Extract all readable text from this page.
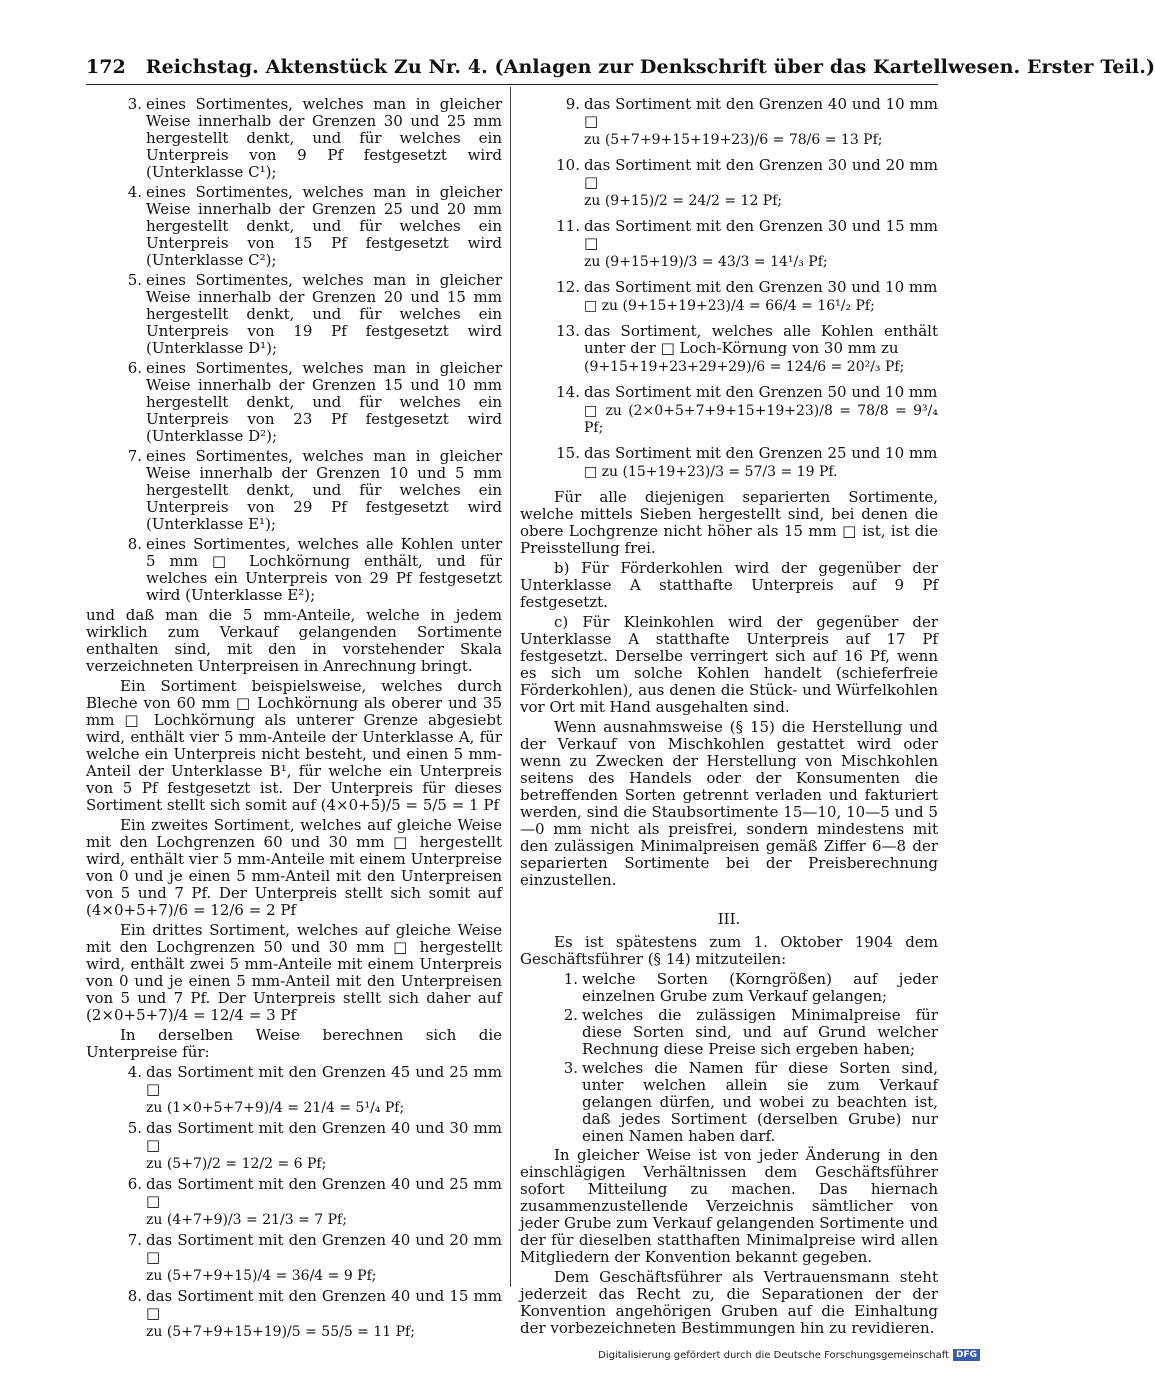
172 Reichstag. Aktenstück Zu Nr. 4. (Anlagen zur Denkschrift über das Kartellwesen. Erster Teil.)
3. eines Sortimentes, welches man in gleicher Weise innerhalb der Grenzen 30 und 25 mm hergestellt denkt, und für welches ein Unterpreis von 9 Pf festgesetzt wird (Unterklasse C¹);
4. eines Sortimentes, welches man in gleicher Weise innerhalb der Grenzen 25 und 20 mm hergestellt denkt, und für welches ein Unterpreis von 15 Pf festgesetzt wird (Unterklasse C²);
5. eines Sortimentes, welches man in gleicher Weise innerhalb der Grenzen 20 und 15 mm hergestellt denkt, und für welches ein Unterpreis von 19 Pf festgesetzt wird (Unterklasse D¹);
6. eines Sortimentes, welches man in gleicher Weise innerhalb der Grenzen 15 und 10 mm hergestellt denkt, und für welches ein Unterpreis von 23 Pf festgesetzt wird (Unterklasse D²);
7. eines Sortimentes, welches man in gleicher Weise innerhalb der Grenzen 10 und 5 mm hergestellt denkt, und für welches ein Unterpreis von 29 Pf festgesetzt wird (Unterklasse E¹);
8. eines Sortimentes, welches alle Kohlen unter 5 mm □ Lochkörnung enthält, und für welches ein Unterpreis von 29 Pf festgesetzt wird (Unterklasse E²);

und daß man die 5 mm-Anteile, welche in jedem wirklich zum Verkauf gelangenden Sortimente enthalten sind, mit den in vorstehender Skala verzeichneten Unterpreisen in Anrechnung bringt.

Ein Sortiment beispielsweise, welches durch Bleche von 60 mm □ Lochkörnung als oberer und 35 mm □ Lochkörnung als unterer Grenze abgesiebt wird, enthält vier 5 mm-Anteile der Unterklasse A, für welche ein Unterpreis nicht besteht, und einen 5 mm-Anteil der Unterklasse B¹, für welche ein Unterpreis von 5 Pf festgesetzt ist. Der Unterpreis für dieses Sortiment stellt sich somit auf (4×0+5)/5 = 5/5 = 1 Pf

Ein zweites Sortiment, welches auf gleiche Weise mit den Lochgrenzen 60 und 30 mm □ hergestellt wird, enthält vier 5 mm-Anteile mit einem Unterpreise von 0 und je einen 5 mm-Anteil mit den Unterpreisen von 5 und 7 Pf. Der Unterpreis stellt sich somit auf (4×0+5+7)/6 = 12/6 = 2 Pf

Ein drittes Sortiment, welches auf gleiche Weise mit den Lochgrenzen 50 und 30 mm □ hergestellt wird, enthält zwei 5 mm-Anteile mit einem Unterpreis von 0 und je einen 5 mm-Anteil mit den Unterpreisen von 5 und 7 Pf. Der Unterpreis stellt sich daher auf (2×0+5+7)/4 = 12/4 = 3 Pf

In derselben Weise berechnen sich die Unterpreise für:

4. das Sortiment mit den Grenzen 45 und 25 mm □
zu (1×0+5+7+9)/4 = 21/4 = 5¹/₄ Pf;
5. das Sortiment mit den Grenzen 40 und 30 mm □
zu (5+7)/2 = 12/2 = 6 Pf;
6. das Sortiment mit den Grenzen 40 und 25 mm □
zu (4+7+9)/3 = 21/3 = 7 Pf;
7. das Sortiment mit den Grenzen 40 und 20 mm □
zu (5+7+9+15)/4 = 36/4 = 9 Pf;
8. das Sortiment mit den Grenzen 40 und 15 mm □
zu (5+7+9+15+19)/5 = 55/5 = 11 Pf;
9. das Sortiment mit den Grenzen 40 und 10 mm □
zu (5+7+9+15+19+23)/6 = 78/6 = 13 Pf;
10. das Sortiment mit den Grenzen 30 und 20 mm □
zu (9+15)/2 = 24/2 = 12 Pf;
11. das Sortiment mit den Grenzen 30 und 15 mm □
zu (9+15+19)/3 = 43/3 = 14¹/₃ Pf;
12. das Sortiment mit den Grenzen 30 und 10 mm
□ zu (9+15+19+23)/4 = 66/4 = 16¹/₂ Pf;
13. das Sortiment, welches alle Kohlen enthält unter der □ Loch-Körnung von 30 mm zu
(9+15+19+23+29+29)/6 = 124/6 = 20²/₃ Pf;
14. das Sortiment mit den Grenzen 50 und 10 mm
□ zu (2×0+5+7+9+15+19+23)/8 = 78/8 = 9³/₄ Pf;
15. das Sortiment mit den Grenzen 25 und 10 mm
□ zu (15+19+23)/3 = 57/3 = 19 Pf.

Für alle diejenigen separierten Sortimente, welche mittels Sieben hergestellt sind, bei denen die obere Lochgrenze nicht höher als 15 mm □ ist, ist die Preisstellung frei.

b) Für Förderkohlen wird der gegenüber der Unterklasse A statthafte Unterpreis auf 9 Pf festgesetzt.

c) Für Kleinkohlen wird der gegenüber der Unterklasse A statthafte Unterpreis auf 17 Pf festgesetzt. Derselbe verringert sich auf 16 Pf, wenn es sich um solche Kohlen handelt (schieferfreie Förderkohlen), aus denen die Stück- und Würfelkohlen vor Ort mit Hand ausgehalten sind.

Wenn ausnahmsweise (§ 15) die Herstellung und der Verkauf von Mischkohlen gestattet wird oder wenn zu Zwecken der Herstellung von Mischkohlen seitens des Handels oder der Konsumenten die betreffenden Sorten getrennt verladen und fakturiert werden, sind die Staubsortimente 15—10, 10—5 und 5—0 mm nicht als preisfrei, sondern mindestens mit den zulässigen Minimalpreisen gemäß Ziffer 6—8 der separierten Sortimente bei der Preisberechnung einzustellen.

III.

Es ist spätestens zum 1. Oktober 1904 dem Geschäftsführer (§ 14) mitzuteilen:

1. welche Sorten (Korngrößen) auf jeder einzelnen Grube zum Verkauf gelangen;
2. welches die zulässigen Minimalpreise für diese Sorten sind, und auf Grund welcher Rechnung diese Preise sich ergeben haben;
3. welches die Namen für diese Sorten sind, unter welchen allein sie zum Verkauf gelangen dürfen, und wobei zu beachten ist, daß jedes Sortiment (derselben Grube) nur einen Namen haben darf.

In gleicher Weise ist von jeder Änderung in den einschlägigen Verhältnissen dem Geschäftsführer sofort Mitteilung zu machen. Das hiernach zusammenzustellende Verzeichnis sämtlicher von jeder Grube zum Verkauf gelangenden Sortimente und der für dieselben statthaften Minimalpreise wird allen Mitgliedern der Konvention bekannt gegeben.

Dem Geschäftsführer als Vertrauensmann steht jederzeit das Recht zu, die Separationen der der Konvention angehörigen Gruben auf die Einhaltung der vorbezeichneten Bestimmungen hin zu revidieren.

Digitalisierung gefördert durch die Deutsche Forschungsgemeinschaft DFG
